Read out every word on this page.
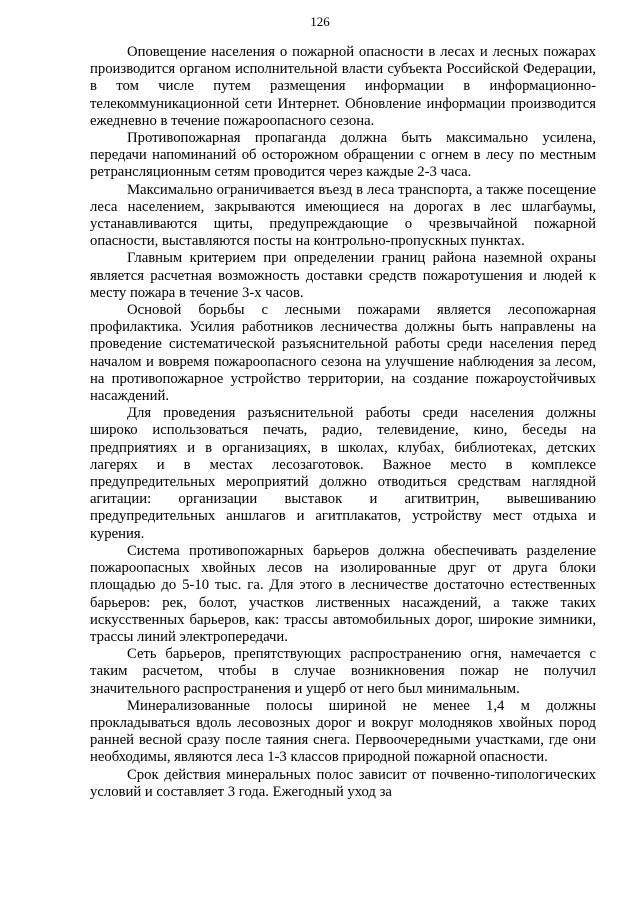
126

Оповещение населения о пожарной опасности в лесах и лесных пожарах производится органом исполнительной власти субъекта Российской Федерации, в том числе путем размещения информации в информационно-телекоммуникационной сети Интернет. Обновление информации производится ежедневно в течение пожароопасного сезона.

Противопожарная пропаганда должна быть максимально усилена, передачи напоминаний об осторожном обращении с огнем в лесу по местным ретрансляционным сетям проводится через каждые 2-3 часа.

Максимально ограничивается въезд в леса транспорта, а также посещение леса населением, закрываются имеющиеся на дорогах в лес шлагбаумы, устанавливаются щиты, предупреждающие о чрезвычайной пожарной опасности, выставляются посты на контрольно-пропускных пунктах.

Главным критерием при определении границ района наземной охраны является расчетная возможность доставки средств пожаротушения и людей к месту пожара в течение 3-х часов.

Основой борьбы с лесными пожарами является лесопожарная профилактика. Усилия работников лесничества должны быть направлены на проведение систематической разъяснительной работы среди населения перед началом и вовремя пожароопасного сезона на улучшение наблюдения за лесом, на противопожарное устройство территории, на создание пожароустойчивых насаждений.

Для проведения разъяснительной работы среди населения должны широко использоваться печать, радио, телевидение, кино, беседы на предприятиях и в организациях, в школах, клубах, библиотеках, детских лагерях и в местах лесозаготовок. Важное место в комплексе предупредительных мероприятий должно отводиться средствам наглядной агитации: организации выставок и агитвитрин, вывешиванию предупредительных аншлагов и агитплакатов, устройству мест отдыха и курения.

Система противопожарных барьеров должна обеспечивать разделение пожароопасных хвойных лесов на изолированные друг от друга блоки площадью до 5-10 тыс. га. Для этого в лесничестве достаточно естественных барьеров: рек, болот, участков лиственных насаждений, а также таких искусственных барьеров, как: трассы автомобильных дорог, широкие зимники, трассы линий электропередачи.

Сеть барьеров, препятствующих распространению огня, намечается с таким расчетом, чтобы в случае возникновения пожар не получил значительного распространения и ущерб от него был минимальным.

Минерализованные полосы шириной не менее 1,4 м должны прокладываться вдоль лесовозных дорог и вокруг молодняков хвойных пород ранней весной сразу после таяния снега. Первоочередными участками, где они необходимы, являются леса 1-3 классов природной пожарной опасности.

Срок действия минеральных полос зависит от почвенно-типологических условий и составляет 3 года. Ежегодный уход за
